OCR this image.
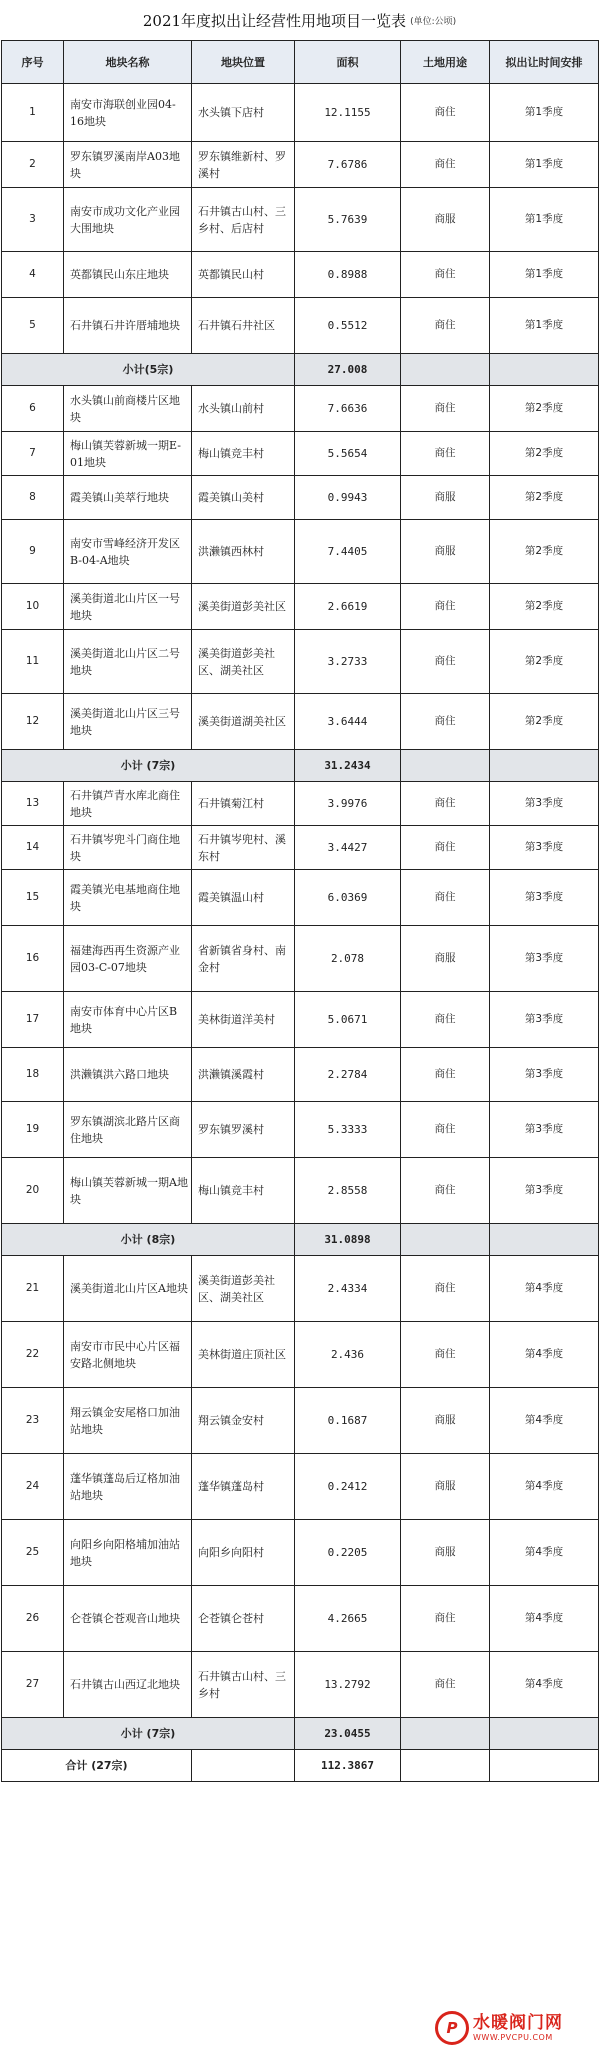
2021年度拟出让经营性用地项目一览表 (单位:公顷)
序号	地块名称	地块位置	面积	土地用途	拟出让时间安排
1	南安市海联创业园04-16地块	水头镇下店村	12.1155	商住	第1季度
2	罗东镇罗溪南岸A03地块	罗东镇维新村、罗溪村	7.6786	商住	第1季度
3	南安市成功文化产业园大围地块	石井镇古山村、三乡村、后店村	5.7639	商服	第1季度
4	英都镇民山东庄地块	英都镇民山村	0.8988	商住	第1季度
5	石井镇石井许厝埔地块	石井镇石井社区	0.5512	商住	第1季度
小计(5宗)			27.008		
6	水头镇山前商楼片区地块	水头镇山前村	7.6636	商住	第2季度
7	梅山镇芙蓉新城一期E-01地块	梅山镇竞丰村	5.5654	商住	第2季度
8	霞美镇山美萃行地块	霞美镇山美村	0.9943	商服	第2季度
9	南安市雪峰经济开发区B-04-A地块	洪濑镇西林村	7.4405	商服	第2季度
10	溪美街道北山片区一号地块	溪美街道彭美社区	2.6619	商住	第2季度
11	溪美街道北山片区二号地块	溪美街道彭美社区、湖美社区	3.2733	商住	第2季度
12	溪美街道北山片区三号地块	溪美街道湖美社区	3.6444	商住	第2季度
小计 (7宗)			31.2434		
13	石井镇芦青水库北商住地块	石井镇菊江村	3.9976	商住	第3季度
14	石井镇岑兜斗门商住地块	石井镇岑兜村、溪东村	3.4427	商住	第3季度
15	霞美镇光电基地商住地块	霞美镇温山村	6.0369	商住	第3季度
16	福建海西再生资源产业园03-C-07地块	省新镇省身村、南金村	2.078	商服	第3季度
17	南安市体育中心片区B地块	美林街道洋美村	5.0671	商住	第3季度
18	洪濑镇洪六路口地块	洪濑镇溪霞村	2.2784	商住	第3季度
19	罗东镇湖滨北路片区商住地块	罗东镇罗溪村	5.3333	商住	第3季度
20	梅山镇芙蓉新城一期A地块	梅山镇竞丰村	2.8558	商住	第3季度
小计 (8宗)			31.0898		
21	溪美街道北山片区A地块	溪美街道彭美社区、湖美社区	2.4334	商住	第4季度
22	南安市市民中心片区福安路北侧地块	美林街道庄顶社区	2.436	商住	第4季度
23	翔云镇金安尾格口加油站地块	翔云镇金安村	0.1687	商服	第4季度
24	蓬华镇蓬岛后辽格加油站地块	蓬华镇蓬岛村	0.2412	商服	第4季度
25	向阳乡向阳格埔加油站地块	向阳乡向阳村	0.2205	商服	第4季度
26	仑苍镇仑苍观音山地块	仑苍镇仑苍村	4.2665	商住	第4季度
27	石井镇古山西辽北地块	石井镇古山村、三乡村	13.2792	商住	第4季度
小计 (7宗)			23.0455		
合计 (27宗)			112.3867		
P 水暖阀门网
WWW.PVCPU.COM
